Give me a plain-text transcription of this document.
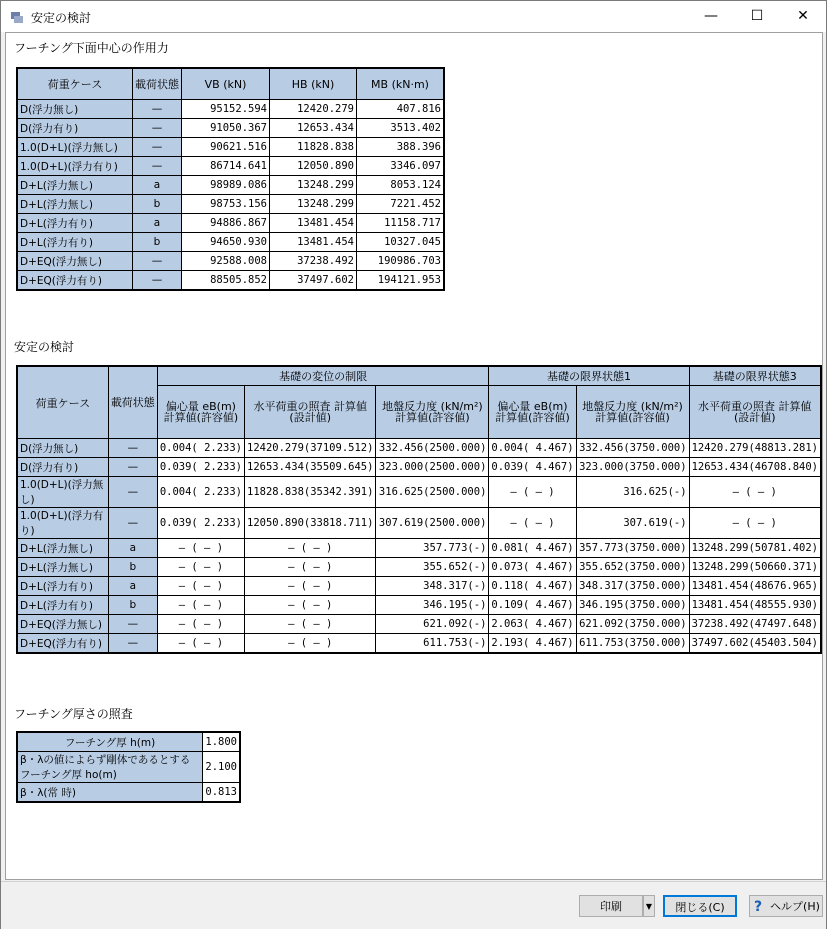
安定の検討	—	☐	✕
フーチング下面中心の作用力
荷重ケース	載荷状態	VB (kN)	HB (kN)	MB (kN·m)
D(浮力無し)	—	95152.594	12420.279	407.816
D(浮力有り)	—	91050.367	12653.434	3513.402
1.0(D+L)(浮力無し)	—	90621.516	11828.838	388.396
1.0(D+L)(浮力有り)	—	86714.641	12050.890	3346.097
D+L(浮力無し)	a	98989.086	13248.299	8053.124
D+L(浮力無し)	b	98753.156	13248.299	7221.452
D+L(浮力有り)	a	94886.867	13481.454	11158.717
D+L(浮力有り)	b	94650.930	13481.454	10327.045
D+EQ(浮力無し)	—	92588.008	37238.492	190986.703
D+EQ(浮力有り)	—	88505.852	37497.602	194121.953
安定の検討
荷重ケース	載荷状態	基礎の変位の制限			基礎の限界状態1		基礎の限界状態3
		偏心量 eB(m) 計算値(許容値)	水平荷重の照査 計算値(設計値)	地盤反力度 (kN/m²) 計算値(許容値)	偏心量 eB(m) 計算値(許容値)	地盤反力度 (kN/m²) 計算値(許容値)	水平荷重の照査 計算値(設計値)
D(浮力無し)	—	0.004( 2.233)	12420.279(37109.512)	332.456(2500.000)	0.004( 4.467)	332.456(3750.000)	12420.279(48813.281)
D(浮力有り)	—	0.039( 2.233)	12653.434(35509.645)	323.000(2500.000)	0.039( 4.467)	323.000(3750.000)	12653.434(46708.840)
1.0(D+L)(浮力無し)	—	0.004( 2.233)	11828.838(35342.391)	316.625(2500.000)	— ( — )	316.625(-)	— ( — )
1.0(D+L)(浮力有り)	—	0.039( 2.233)	12050.890(33818.711)	307.619(2500.000)	— ( — )	307.619(-)	— ( — )
D+L(浮力無し)	a	— ( — )	— ( — )	357.773(-)	0.081( 4.467)	357.773(3750.000)	13248.299(50781.402)
D+L(浮力無し)	b	— ( — )	— ( — )	355.652(-)	0.073( 4.467)	355.652(3750.000)	13248.299(50660.371)
D+L(浮力有り)	a	— ( — )	— ( — )	348.317(-)	0.118( 4.467)	348.317(3750.000)	13481.454(48676.965)
D+L(浮力有り)	b	— ( — )	— ( — )	346.195(-)	0.109( 4.467)	346.195(3750.000)	13481.454(48555.930)
D+EQ(浮力無し)	—	— ( — )	— ( — )	621.092(-)	2.063( 4.467)	621.092(3750.000)	37238.492(47497.648)
D+EQ(浮力有り)	—	— ( — )	— ( — )	611.753(-)	2.193( 4.467)	611.753(3750.000)	37497.602(45403.504)
フーチング厚さの照査
フーチング厚 h(m)	1.800
β・λの値によらず剛体であるとするフーチング厚 ho(m)	2.100
β・λ(常 時)	0.813
印刷	▼	閉じる(C)	? ヘルプ(H)
